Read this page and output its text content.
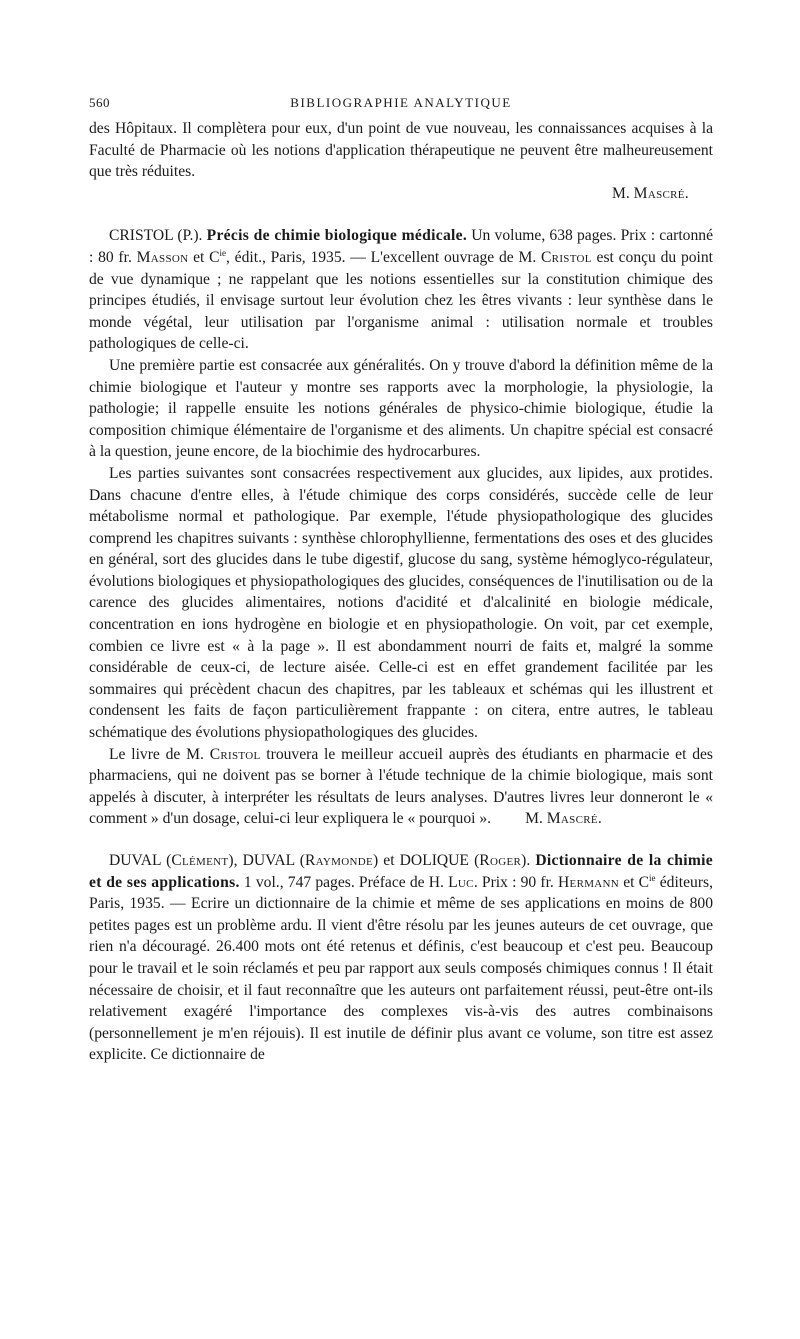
560	BIBLIOGRAPHIE ANALYTIQUE

des Hôpitaux. Il complètera pour eux, d'un point de vue nouveau, les connaissances acquises à la Faculté de Pharmacie où les notions d'application thérapeutique ne peuvent être malheureusement que très réduites.

M. Mascré.

CRISTOL (P.). Précis de chimie biologique médicale. Un volume, 638 pages. Prix : cartonné : 80 fr. Masson et $C^{ie}$, édit., Paris, 1935. — L'excellent ouvrage de M. Cristol est conçu du point de vue dynamique ; ne rappelant que les notions essentielles sur la constitution chimique des principes étudiés, il envisage surtout leur évolution chez les êtres vivants : leur synthèse dans le monde végétal, leur utilisation par l'organisme animal : utilisation normale et troubles pathologiques de celle-ci.

Une première partie est consacrée aux généralités. On y trouve d'abord la définition même de la chimie biologique et l'auteur y montre ses rapports avec la morphologie, la physiologie, la pathologie; il rappelle ensuite les notions générales de physico-chimie biologique, étudie la composition chimique élémentaire de l'organisme et des aliments. Un chapitre spécial est consacré à la question, jeune encore, de la biochimie des hydrocarbures.

Les parties suivantes sont consacrées respectivement aux glucides, aux lipides, aux protides. Dans chacune d'entre elles, à l'étude chimique des corps considérés, succède celle de leur métabolisme normal et pathologique. Par exemple, l'étude physiopathologique des glucides comprend les chapitres suivants : synthèse chlorophyllienne, fermentations des oses et des glucides en général, sort des glucides dans le tube digestif, glucose du sang, système hémoglyco-régulateur, évolutions biologiques et physiopathologiques des glucides, conséquences de l'inutilisation ou de la carence des glucides alimentaires, notions d'acidité et d'alcalinité en biologie médicale, concentration en ions hydrogène en biologie et en physiopathologie. On voit, par cet exemple, combien ce livre est « à la page ». Il est abondamment nourri de faits et, malgré la somme considérable de ceux-ci, de lecture aisée. Celle-ci est en effet grandement facilitée par les sommaires qui précèdent chacun des chapitres, par les tableaux et schémas qui les illustrent et condensent les faits de façon particulièrement frappante : on citera, entre autres, le tableau schématique des évolutions physiopathologiques des glucides.

Le livre de M. Cristol trouvera le meilleur accueil auprès des étudiants en pharmacie et des pharmaciens, qui ne doivent pas se borner à l'étude technique de la chimie biologique, mais sont appelés à discuter, à interpréter les résultats de leurs analyses. D'autres livres leur donneront le « comment » d'un dosage, celui-ci leur expliquera le « pourquoi ». M. Mascré.

DUVAL (Clément), DUVAL (Raymonde) et DOLIQUE (Roger). Dictionnaire de la chimie et de ses applications. 1 vol., 747 pages. Préface de H. Luc. Prix : 90 fr. Hermann et $C^{ie}$ éditeurs, Paris, 1935. — Ecrire un dictionnaire de la chimie et même de ses applications en moins de 800 petites pages est un problème ardu. Il vient d'être résolu par les jeunes auteurs de cet ouvrage, que rien n'a découragé. 26.400 mots ont été retenus et définis, c'est beaucoup et c'est peu. Beaucoup pour le travail et le soin réclamés et peu par rapport aux seuls composés chimiques connus ! Il était nécessaire de choisir, et il faut reconnaître que les auteurs ont parfaitement réussi, peut-être ont-ils relativement exagéré l'importance des complexes vis-à-vis des autres combinaisons (personnellement je m'en réjouis). Il est inutile de définir plus avant ce volume, son titre est assez explicite. Ce dictionnaire de
